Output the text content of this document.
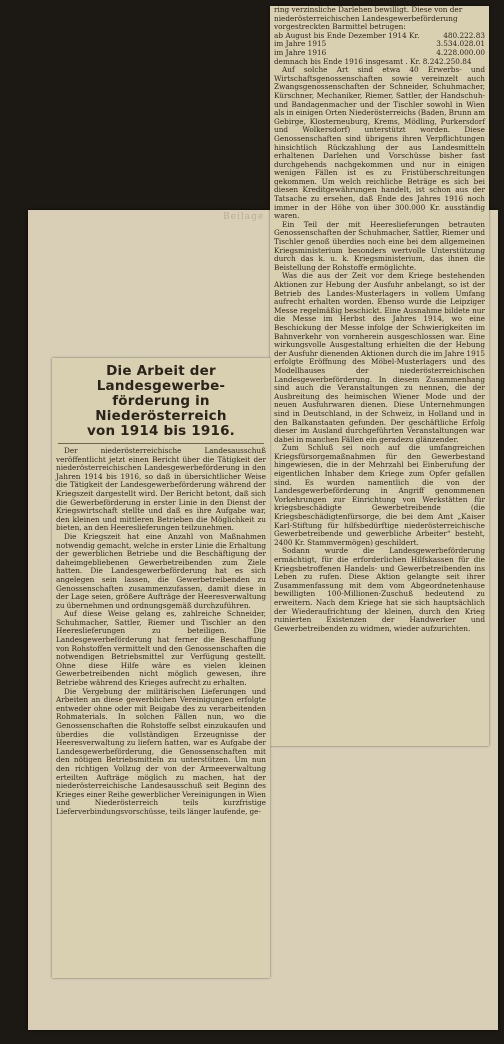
Beilage

ring verzinsliche Darlehen bewilligt. Diese von der niederösterreichischen Landesgewerbeförderung vorgestreckten Barmittel betrugen:

ab August bis Ende Dezember 1914 Kr.	480.222.83
im Jahre 1915	3.534.028.01
im Jahre 1916	4.228.000.00

demnach bis Ende 1916 insgesamt . Kr. 8.242.250.84

Auf solche Art sind etwa 40 Erwerbs- und Wirtschaftsgenossenschaften sowie vereinzelt auch Zwangsgenossenschaften der Schneider, Schuhmacher, Kürschner, Mechaniker, Riemer, Sattler, der Handschuh- und Bandagenmacher und der Tischler sowohl in Wien als in einigen Orten Niederösterreichs (Baden, Brunn am Gebirge, Klosterneuburg, Krems, Mödling, Purkersdorf und Wolkersdorf) unterstützt worden. Diese Genossenschaften sind übrigens ihren Verpflichtungen hinsichtlich Rückzahlung der aus Landesmitteln erhaltenen Darlehen und Vorschüsse bisher fast durchgehends nachgekommen und nur in einigen wenigen Fällen ist es zu Fristüberschreitungen gekommen. Um welch reichliche Beträge es sich bei diesen Kreditgewährungen handelt, ist schon aus der Tatsache zu ersehen, daß Ende des Jahres 1916 noch immer in der Höhe von über 300.000 Kr. ausständig waren.

Ein Teil der mit Heereslieferungen betrauten Genossenschaften der Schuhmacher, Sattler, Riemer und Tischler genoß überdies noch eine bei dem allgemeinen Kriegsministerium besonders wertvolle Unterstützung durch das k. u. k. Kriegsministerium, das ihnen die Beistellung der Rohstoffe ermöglichte.

Was die aus der Zeit vor dem Kriege bestehenden Aktionen zur Hebung der Ausfuhr anbelangt, so ist der Betrieb des Landes-Musterlagers in vollem Umfang aufrecht erhalten worden. Ebenso wurde die Leipziger Messe regelmäßig beschickt. Eine Ausnahme bildete nur die Messe im Herbst des Jahres 1914, wo eine Beschickung der Messe infolge der Schwierigkeiten im Bahnverkehr von vornherein ausgeschlossen war. Eine wirkungsvolle Ausgestaltung erhielten die der Hebung der Ausfuhr dienenden Aktionen durch die im Jahre 1915 erfolgte Eröffnung des Möbel-Musterlagers und des Modellhauses der niederösterreichischen Landesgewerbeförderung. In diesem Zusammenhang sind auch die Veranstaltungen zu nennen, die der Ausbreitung des heimischen Wiener Mode und der neuen Ausfuhrwaren dienen. Diese Unternehmungen sind in Deutschland, in der Schweiz, in Holland und in den Balkanstaaten gefunden. Der geschäftliche Erfolg dieser im Ausland durchgeführten Veranstaltungen war dabei in manchen Fällen ein geradezu glänzender.

Zum Schluß sei noch auf die umfangreichen Kriegsfürsorgemaßnahmen für den Gewerbestand hingewiesen, die in der Mehrzahl bei Einberufung der eigentlichen Inhaber dem Kriege zum Opfer gefallen sind. Es wurden namentlich die von der Landesgewerbeförderung in Angriff genommenen Vorkehrungen zur Einrichtung von Werkstätten für kriegsbeschädigte Gewerbetreibende (die Kriegsbeschädigtenfürsorge, die bei dem Amt „Kaiser Karl-Stiftung für hilfsbedürftige niederösterreichische Gewerbetreibende und gewerbliche Arbeiter“ besteht, 2400 Kr. Stammvermögen) geschildert.

Sodann wurde die Landesgewerbeförderung ermächtigt, für die erforderlichen Hilfskassen für die Kriegsbetroffenen Handels- und Gewerbetreibenden ins Leben zu rufen. Diese Aktion gelangte seit ihrer Zusammenfassung mit dem vom Abgeordnetenhause bewilligten 100-Millionen-Zuschuß bedeutend zu erweitern. Nach dem Kriege hat sie sich hauptsächlich der Wiederaufrichtung der kleinen, durch den Krieg ruinierten Existenzen der Handwerker und Gewerbetreibenden zu widmen, wieder aufzurichten.

Die Arbeit der Landesgewerbe-
förderung in Niederösterreich
von 1914 bis 1916.

Der niederösterreichische Landesausschuß veröffentlicht jetzt einen Bericht über die Tätigkeit der niederösterreichischen Landesgewerbeförderung in den Jahren 1914 bis 1916, so daß in übersichtlicher Weise die Tätigkeit der Landesgewerbeförderung während der Kriegszeit dargestellt wird. Der Bericht betont, daß sich die Gewerbeförderung in erster Linie in den Dienst der Kriegswirtschaft stellte und daß es ihre Aufgabe war, den kleinen und mittleren Betrieben die Möglichkeit zu bieten, an den Heereslieferungen teilzunehmen.

Die Kriegszeit hat eine Anzahl von Maßnahmen notwendig gemacht, welche in erster Linie die Erhaltung der gewerblichen Betriebe und die Beschäftigung der daheimgebliebenen Gewerbetreibenden zum Ziele hatten. Die Landesgewerbeförderung hat es sich angelegen sein lassen, die Gewerbetreibenden zu Genossenschaften zusammenzufassen, damit diese in der Lage seien, größere Aufträge der Heeresverwaltung zu übernehmen und ordnungsgemäß durchzuführen.

Auf diese Weise gelang es, zahlreiche Schneider, Schuhmacher, Sattler, Riemer und Tischler an den Heereslieferungen zu beteiligen. Die Landesgewerbeförderung hat ferner die Beschaffung von Rohstoffen vermittelt und den Genossenschaften die notwendigen Betriebsmittel zur Verfügung gestellt. Ohne diese Hilfe wäre es vielen kleinen Gewerbetreibenden nicht möglich gewesen, ihre Betriebe während des Krieges aufrecht zu erhalten.

Die Vergebung der militärischen Lieferungen und Arbeiten an diese gewerblichen Vereinigungen erfolgte entweder ohne oder mit Beigabe des zu verarbeitenden Rohmaterials. In solchen Fällen nun, wo die Genossenschaften die Rohstoffe selbst einzukaufen und überdies die vollständigen Erzeugnisse der Heeresverwaltung zu liefern hatten, war es Aufgabe der Landesgewerbeförderung, die Genossenschaften mit den nötigen Betriebsmitteln zu unterstützen. Um nun den richtigen Vollzug der von der Armeeverwaltung erteilten Aufträge möglich zu machen, hat der niederösterreichische Landesausschuß seit Beginn des Krieges einer Reihe gewerblicher Vereinigungen in Wien und Niederösterreich teils kurzfristige Lieferverbindungsvorschüsse, teils länger laufende, ge-
